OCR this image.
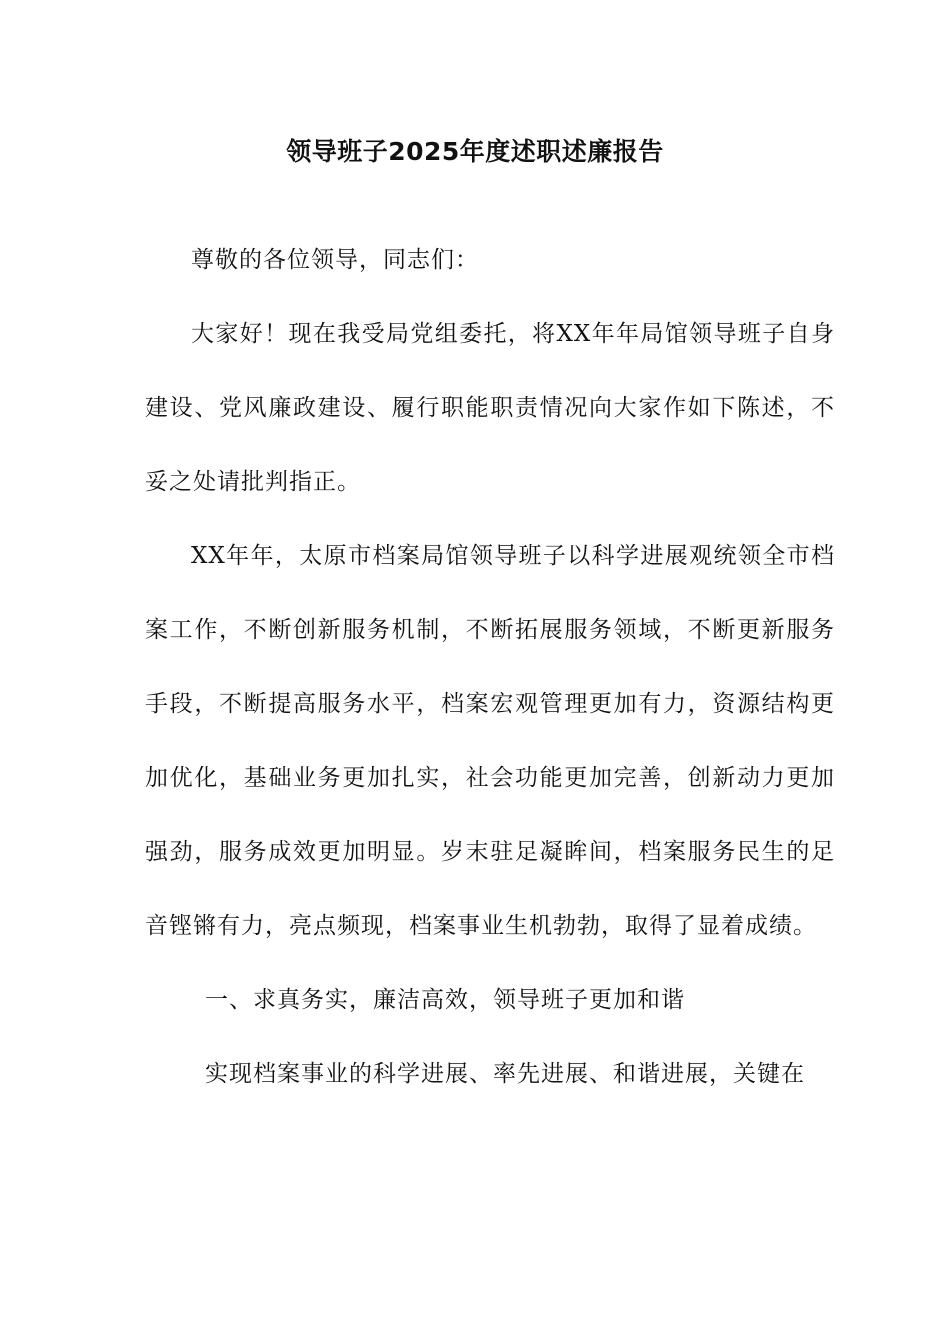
领导班子2025年度述职述廉报告

尊敬的各位领导，同志们：

大家好！现在我受局党组委托，将XX年年局馆领导班子自身建设、党风廉政建设、履行职能职责情况向大家作如下陈述，不妥之处请批判指正。

XX年年，太原市档案局馆领导班子以科学进展观统领全市档案工作，不断创新服务机制，不断拓展服务领域，不断更新服务手段，不断提高服务水平，档案宏观管理更加有力，资源结构更加优化，基础业务更加扎实，社会功能更加完善，创新动力更加强劲，服务成效更加明显。岁末驻足凝眸间，档案服务民生的足音铿锵有力，亮点频现，档案事业生机勃勃，取得了显着成绩。

一、求真务实，廉洁高效，领导班子更加和谐

实现档案事业的科学进展、率先进展、和谐进展，关键在
